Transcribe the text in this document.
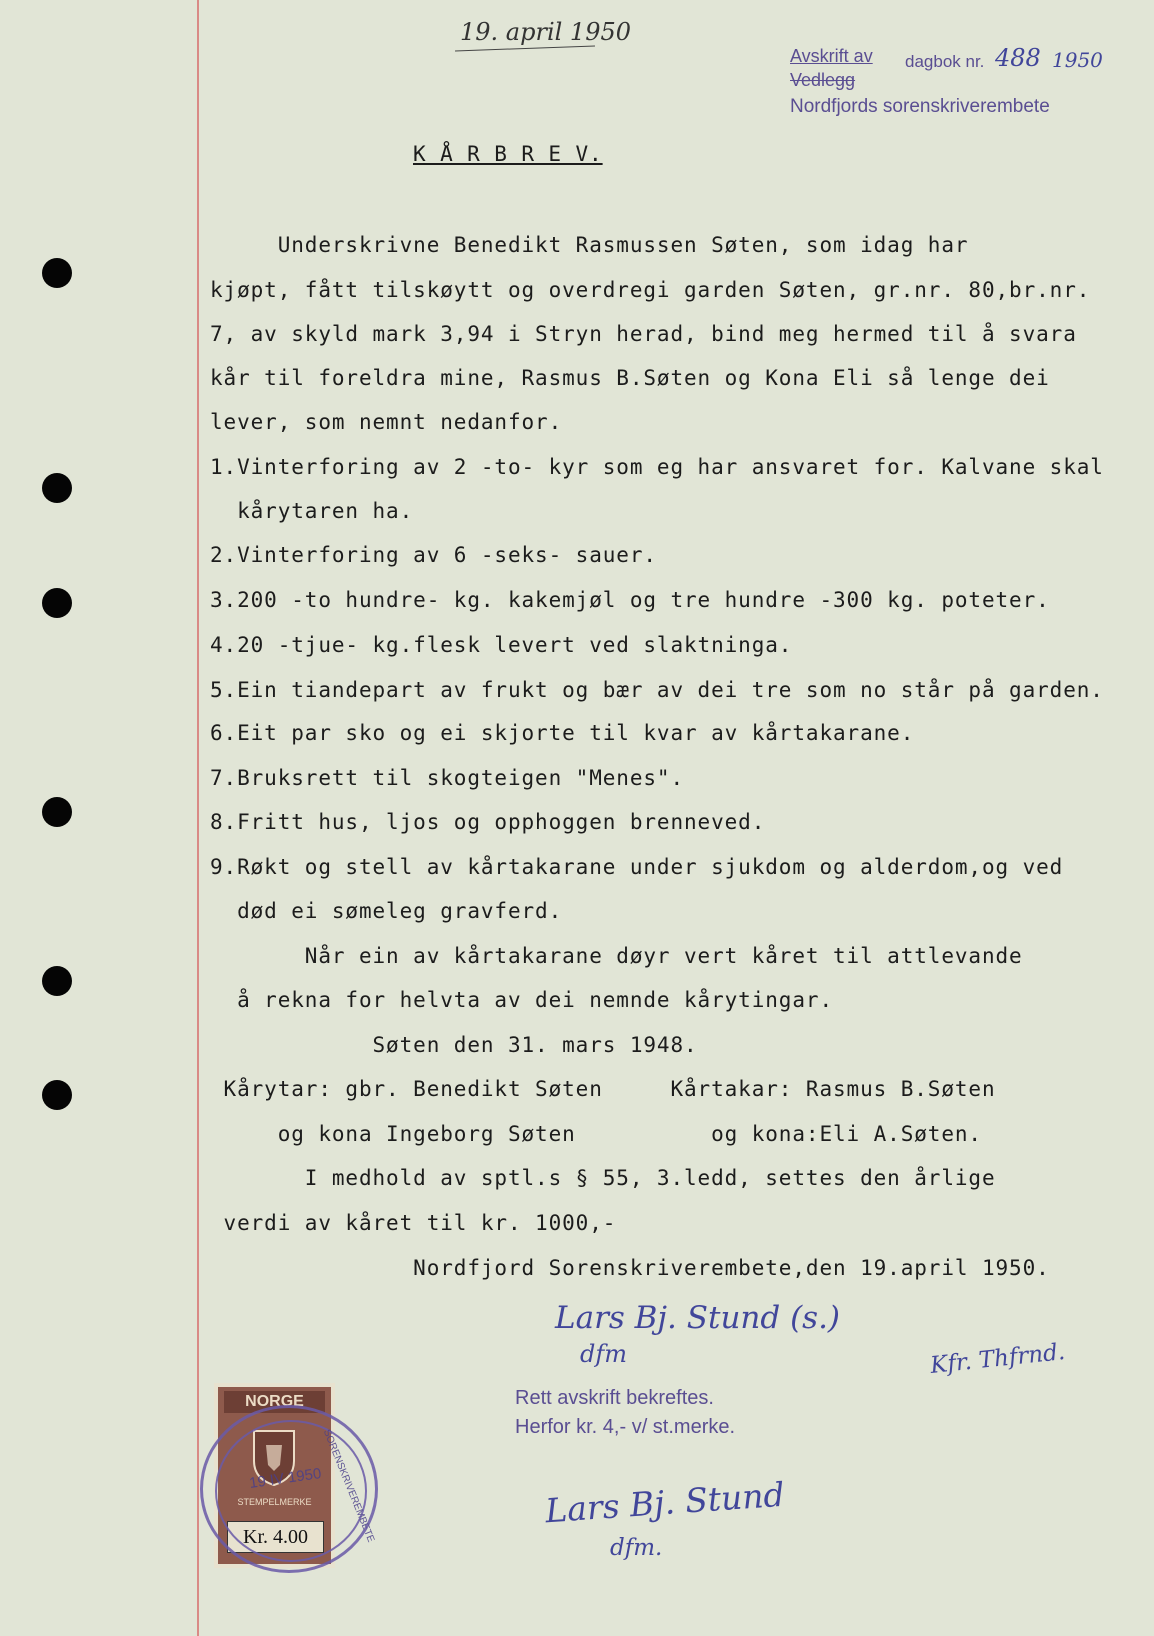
19. april 1950
Avskrift av dagbok nr. 488 1950
Vedlegg
Nordfjords sorenskriverembete
K Å R B R E V.
Underskrivne Benedikt Rasmussen Søten, som idag har
kjøpt, fått tilskøytt og overdregi garden Søten, gr.nr. 80,br.nr.
7, av skyld mark 3,94 i Stryn herad, bind meg hermed til å svara
kår til foreldra mine, Rasmus B.Søten og Kona Eli så lenge dei
lever, som nemnt nedanfor.
1.Vinterforing av 2 -to- kyr som eg har ansvaret for. Kalvane skal
kårytaren ha.
2.Vinterforing av 6 -seks- sauer.
3.200 -to hundre- kg. kakemjøl og tre hundre -300 kg. poteter.
4.20 -tjue- kg.flesk levert ved slaktninga.
5.Ein tiandepart av frukt og bær av dei tre som no står på garden.
6.Eit par sko og ei skjorte til kvar av kårtakarane.
7.Bruksrett til skogteigen "Menes".
8.Fritt hus, ljos og opphoggen brenneved.
9.Røkt og stell av kårtakarane under sjukdom og alderdom,og ved
død ei sømeleg gravferd.
Når ein av kårtakarane døyr vert kåret til attlevande
å rekna for helvta av dei nemnde kårytingar.
Søten den 31. mars 1948.
Kårytar: gbr. Benedikt Søten     Kårtakar: Rasmus B.Søten
og kona Ingeborg Søten          og kona:Eli A.Søten.
I medhold av sptl.s § 55, 3.ledd, settes den årlige
verdi av kåret til kr. 1000,-
Nordfjord Sorenskriverembete,den 19.april 1950.
Lars Bj. Stund (s.)
dfm	Kfr. Thfrnd.
Rett avskrift bekreftes.
Herfor kr. 4,- v/ st.merke.
Lars Bj. Stund
dfm.
NORGE
STEMPELMERKE
Kr. 4.00
19 IV 1950
SORENSKRIVEREMBETE
